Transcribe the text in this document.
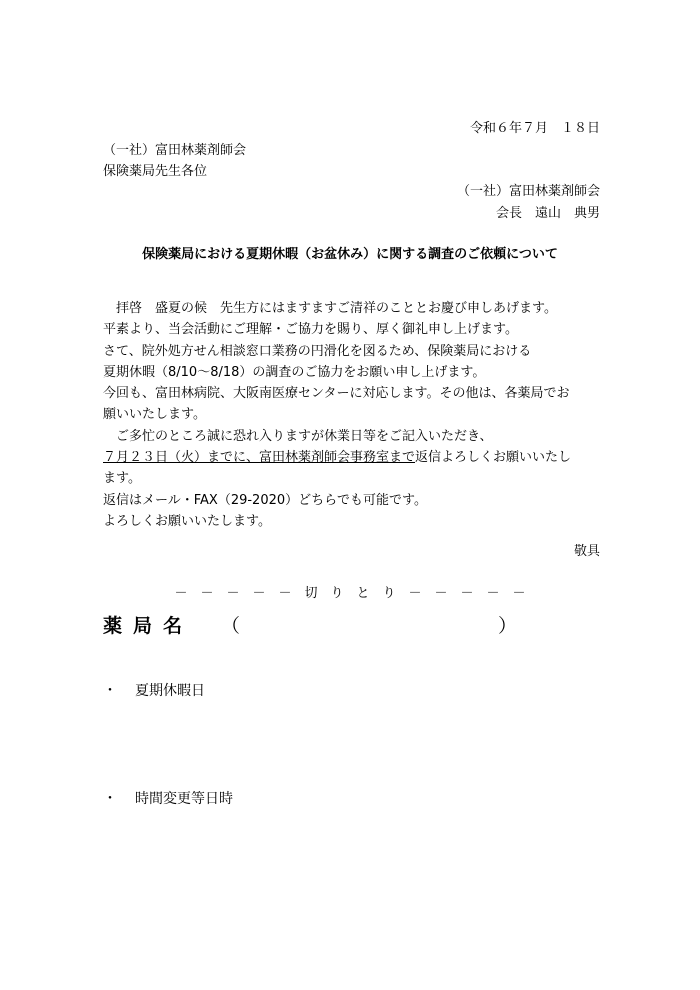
令和６年７月　１８日
（一社）富田林薬剤師会
保険薬局先生各位
（一社）富田林薬剤師会
会長　遠山　典男
保険薬局における夏期休暇（お盆休み）に関する調査のご依頼について
拝啓　盛夏の候　先生方にはますますご清祥のこととお慶び申しあげます。
平素より、当会活動にご理解・ご協力を賜り、厚く御礼申し上げます。
さて、院外処方せん相談窓口業務の円滑化を図るため、保険薬局における
夏期休暇（8/10～8/18）の調査のご協力をお願い申し上げます。
今回も、富田林病院、大阪南医療センターに対応します。その他は、各薬局でお
願いいたします。
ご多忙のところ誠に恐れ入りますが休業日等をご記入いただき、
７月２３日（火）までに、富田林薬剤師会事務室まで返信よろしくお願いいたし
ます。
返信はメール・FAX（29-2020）どちらでも可能です。
よろしくお願いいたします。
敬具
－　－　－　－　－　切　り　と　り　－　－　－　－　－
薬局名 （	）
・ 夏期休暇日
・ 時間変更等日時
